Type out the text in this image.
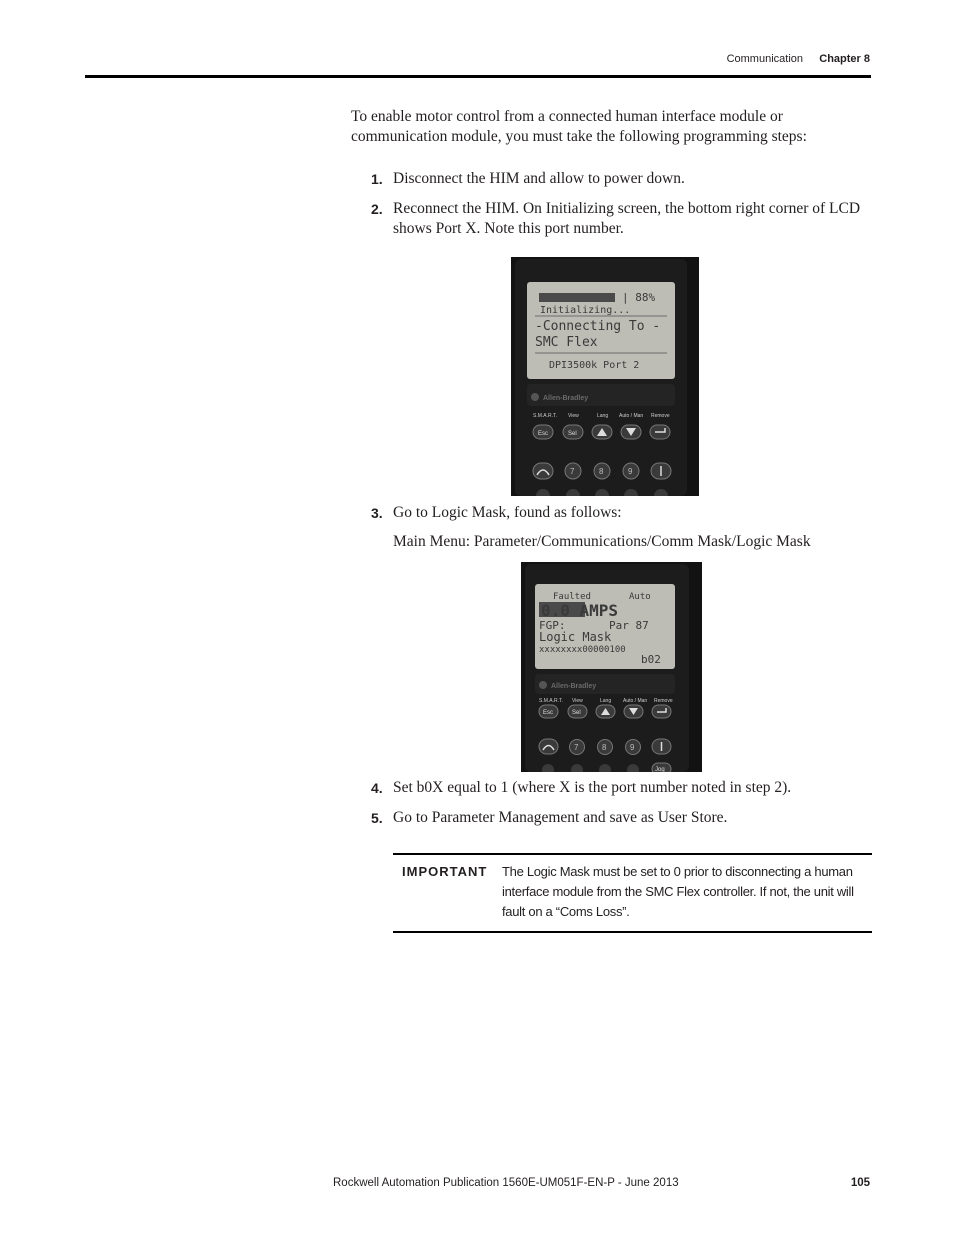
Communication Chapter 8
To enable motor control from a connected human interface module or communication module, you must take the following programming steps:
1. Disconnect the HIM and allow to power down.
2. Reconnect the HIM. On Initializing screen, the bottom right corner of LCD shows Port X. Note this port number.
| 88%
Initializing...
-Connecting To -
SMC Flex
DPI3500k Port 2
Allen-Bradley
S.M.A.R.T. View	Lang Auto / Man Remove
Esc	Sel
7	8	9
3. Go to Logic Mask, found as follows:
Main Menu: Parameter/Communications/Comm Mask/Logic Mask
Faulted	Auto
0.0 AMPS
FGP:	Par 87
Logic Mask
xxxxxxxx00000100
b02
Allen-Bradley
S.M.A.R.T. View	Lang Auto / Man Remove
Esc	Sel
7	8	9
Jog
4. Set b0X equal to 1 (where X is the port number noted in step 2).
5. Go to Parameter Management and save as User Store.
IMPORTANT The Logic Mask must be set to 0 prior to disconnecting a human interface module from the SMC Flex controller. If not, the unit will fault on a “Coms Loss”.
Rockwell Automation Publication 1560E-UM051F-EN-P - June 2013	105
